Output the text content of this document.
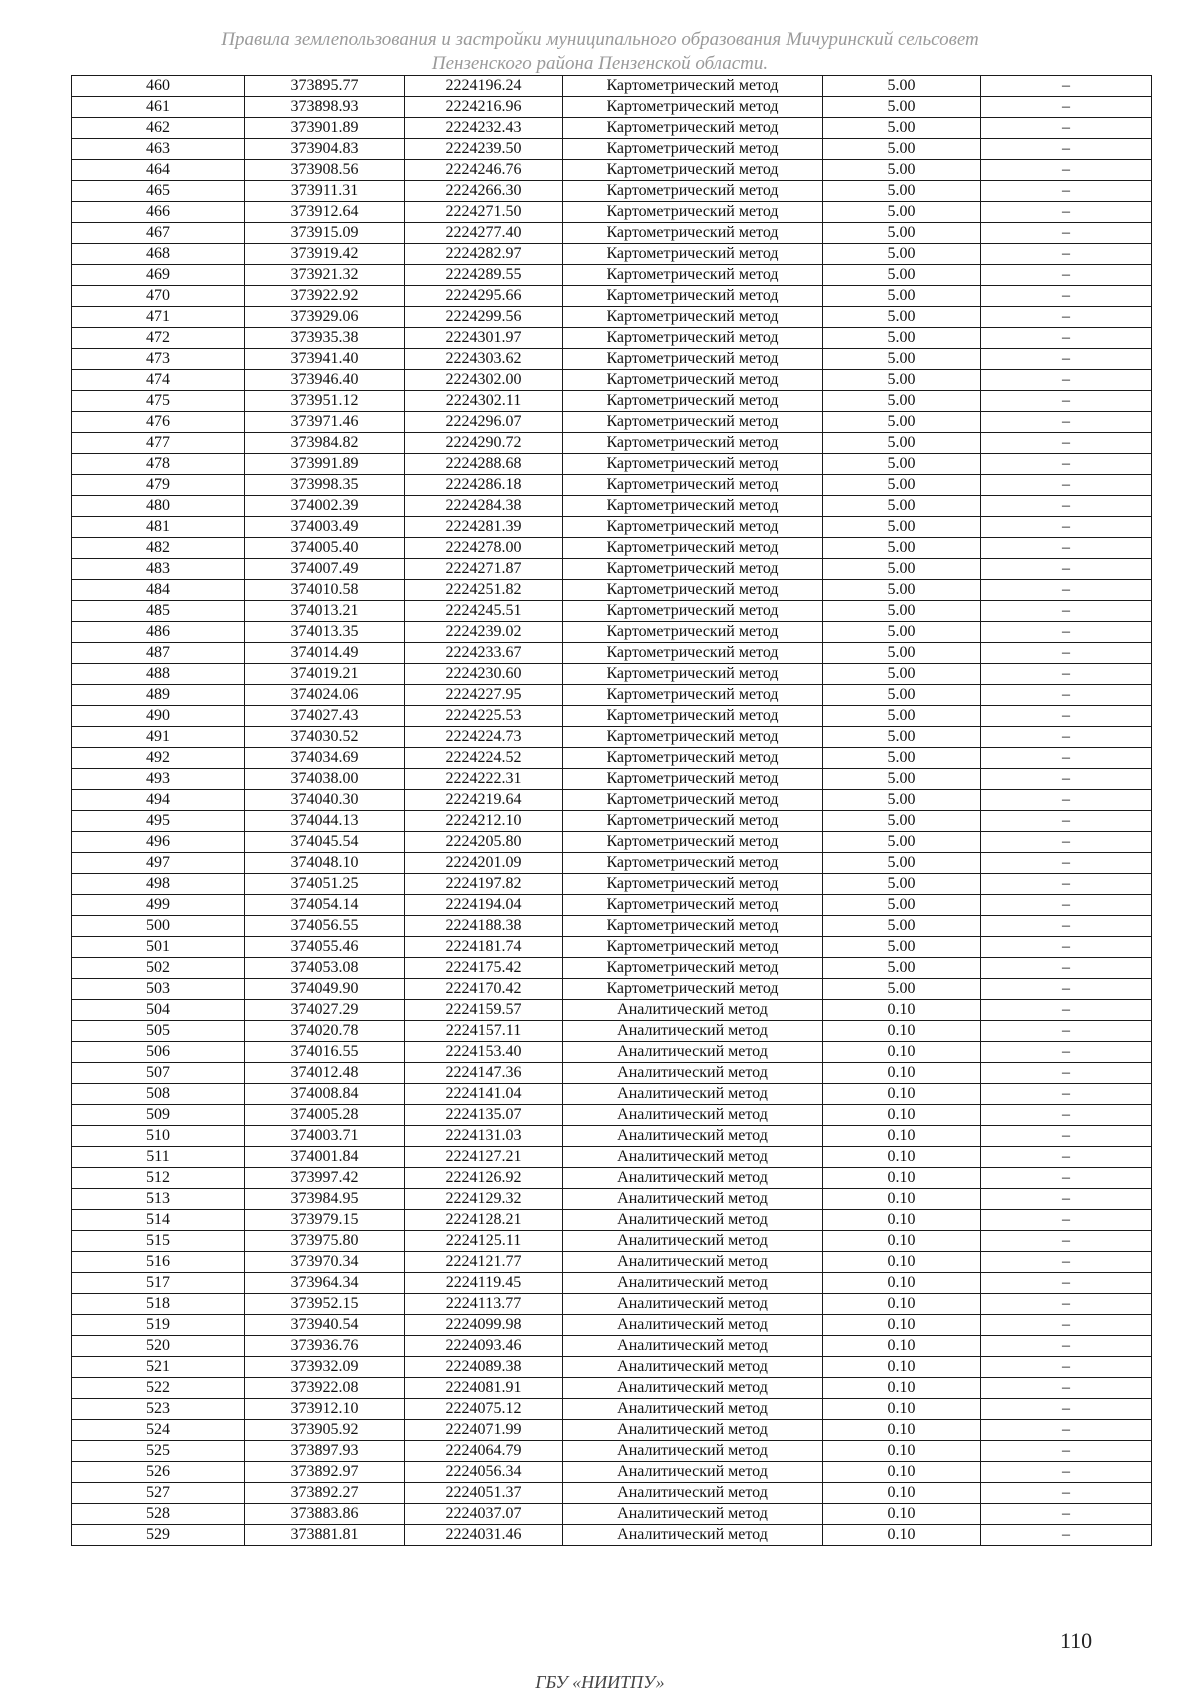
Правила землепользования и застройки муниципального образования Мичуринский сельсовет
Пензенского района Пензенской области.
460	373895.77	2224196.24	Картометрический метод	5.00	–
461	373898.93	2224216.96	Картометрический метод	5.00	–
462	373901.89	2224232.43	Картометрический метод	5.00	–
463	373904.83	2224239.50	Картометрический метод	5.00	–
464	373908.56	2224246.76	Картометрический метод	5.00	–
465	373911.31	2224266.30	Картометрический метод	5.00	–
466	373912.64	2224271.50	Картометрический метод	5.00	–
467	373915.09	2224277.40	Картометрический метод	5.00	–
468	373919.42	2224282.97	Картометрический метод	5.00	–
469	373921.32	2224289.55	Картометрический метод	5.00	–
470	373922.92	2224295.66	Картометрический метод	5.00	–
471	373929.06	2224299.56	Картометрический метод	5.00	–
472	373935.38	2224301.97	Картометрический метод	5.00	–
473	373941.40	2224303.62	Картометрический метод	5.00	–
474	373946.40	2224302.00	Картометрический метод	5.00	–
475	373951.12	2224302.11	Картометрический метод	5.00	–
476	373971.46	2224296.07	Картометрический метод	5.00	–
477	373984.82	2224290.72	Картометрический метод	5.00	–
478	373991.89	2224288.68	Картометрический метод	5.00	–
479	373998.35	2224286.18	Картометрический метод	5.00	–
480	374002.39	2224284.38	Картометрический метод	5.00	–
481	374003.49	2224281.39	Картометрический метод	5.00	–
482	374005.40	2224278.00	Картометрический метод	5.00	–
483	374007.49	2224271.87	Картометрический метод	5.00	–
484	374010.58	2224251.82	Картометрический метод	5.00	–
485	374013.21	2224245.51	Картометрический метод	5.00	–
486	374013.35	2224239.02	Картометрический метод	5.00	–
487	374014.49	2224233.67	Картометрический метод	5.00	–
488	374019.21	2224230.60	Картометрический метод	5.00	–
489	374024.06	2224227.95	Картометрический метод	5.00	–
490	374027.43	2224225.53	Картометрический метод	5.00	–
491	374030.52	2224224.73	Картометрический метод	5.00	–
492	374034.69	2224224.52	Картометрический метод	5.00	–
493	374038.00	2224222.31	Картометрический метод	5.00	–
494	374040.30	2224219.64	Картометрический метод	5.00	–
495	374044.13	2224212.10	Картометрический метод	5.00	–
496	374045.54	2224205.80	Картометрический метод	5.00	–
497	374048.10	2224201.09	Картометрический метод	5.00	–
498	374051.25	2224197.82	Картометрический метод	5.00	–
499	374054.14	2224194.04	Картометрический метод	5.00	–
500	374056.55	2224188.38	Картометрический метод	5.00	–
501	374055.46	2224181.74	Картометрический метод	5.00	–
502	374053.08	2224175.42	Картометрический метод	5.00	–
503	374049.90	2224170.42	Картометрический метод	5.00	–
504	374027.29	2224159.57	Аналитический метод	0.10	–
505	374020.78	2224157.11	Аналитический метод	0.10	–
506	374016.55	2224153.40	Аналитический метод	0.10	–
507	374012.48	2224147.36	Аналитический метод	0.10	–
508	374008.84	2224141.04	Аналитический метод	0.10	–
509	374005.28	2224135.07	Аналитический метод	0.10	–
510	374003.71	2224131.03	Аналитический метод	0.10	–
511	374001.84	2224127.21	Аналитический метод	0.10	–
512	373997.42	2224126.92	Аналитический метод	0.10	–
513	373984.95	2224129.32	Аналитический метод	0.10	–
514	373979.15	2224128.21	Аналитический метод	0.10	–
515	373975.80	2224125.11	Аналитический метод	0.10	–
516	373970.34	2224121.77	Аналитический метод	0.10	–
517	373964.34	2224119.45	Аналитический метод	0.10	–
518	373952.15	2224113.77	Аналитический метод	0.10	–
519	373940.54	2224099.98	Аналитический метод	0.10	–
520	373936.76	2224093.46	Аналитический метод	0.10	–
521	373932.09	2224089.38	Аналитический метод	0.10	–
522	373922.08	2224081.91	Аналитический метод	0.10	–
523	373912.10	2224075.12	Аналитический метод	0.10	–
524	373905.92	2224071.99	Аналитический метод	0.10	–
525	373897.93	2224064.79	Аналитический метод	0.10	–
526	373892.97	2224056.34	Аналитический метод	0.10	–
527	373892.27	2224051.37	Аналитический метод	0.10	–
528	373883.86	2224037.07	Аналитический метод	0.10	–
529	373881.81	2224031.46	Аналитический метод	0.10	–
110
ГБУ «НИИТПУ»
